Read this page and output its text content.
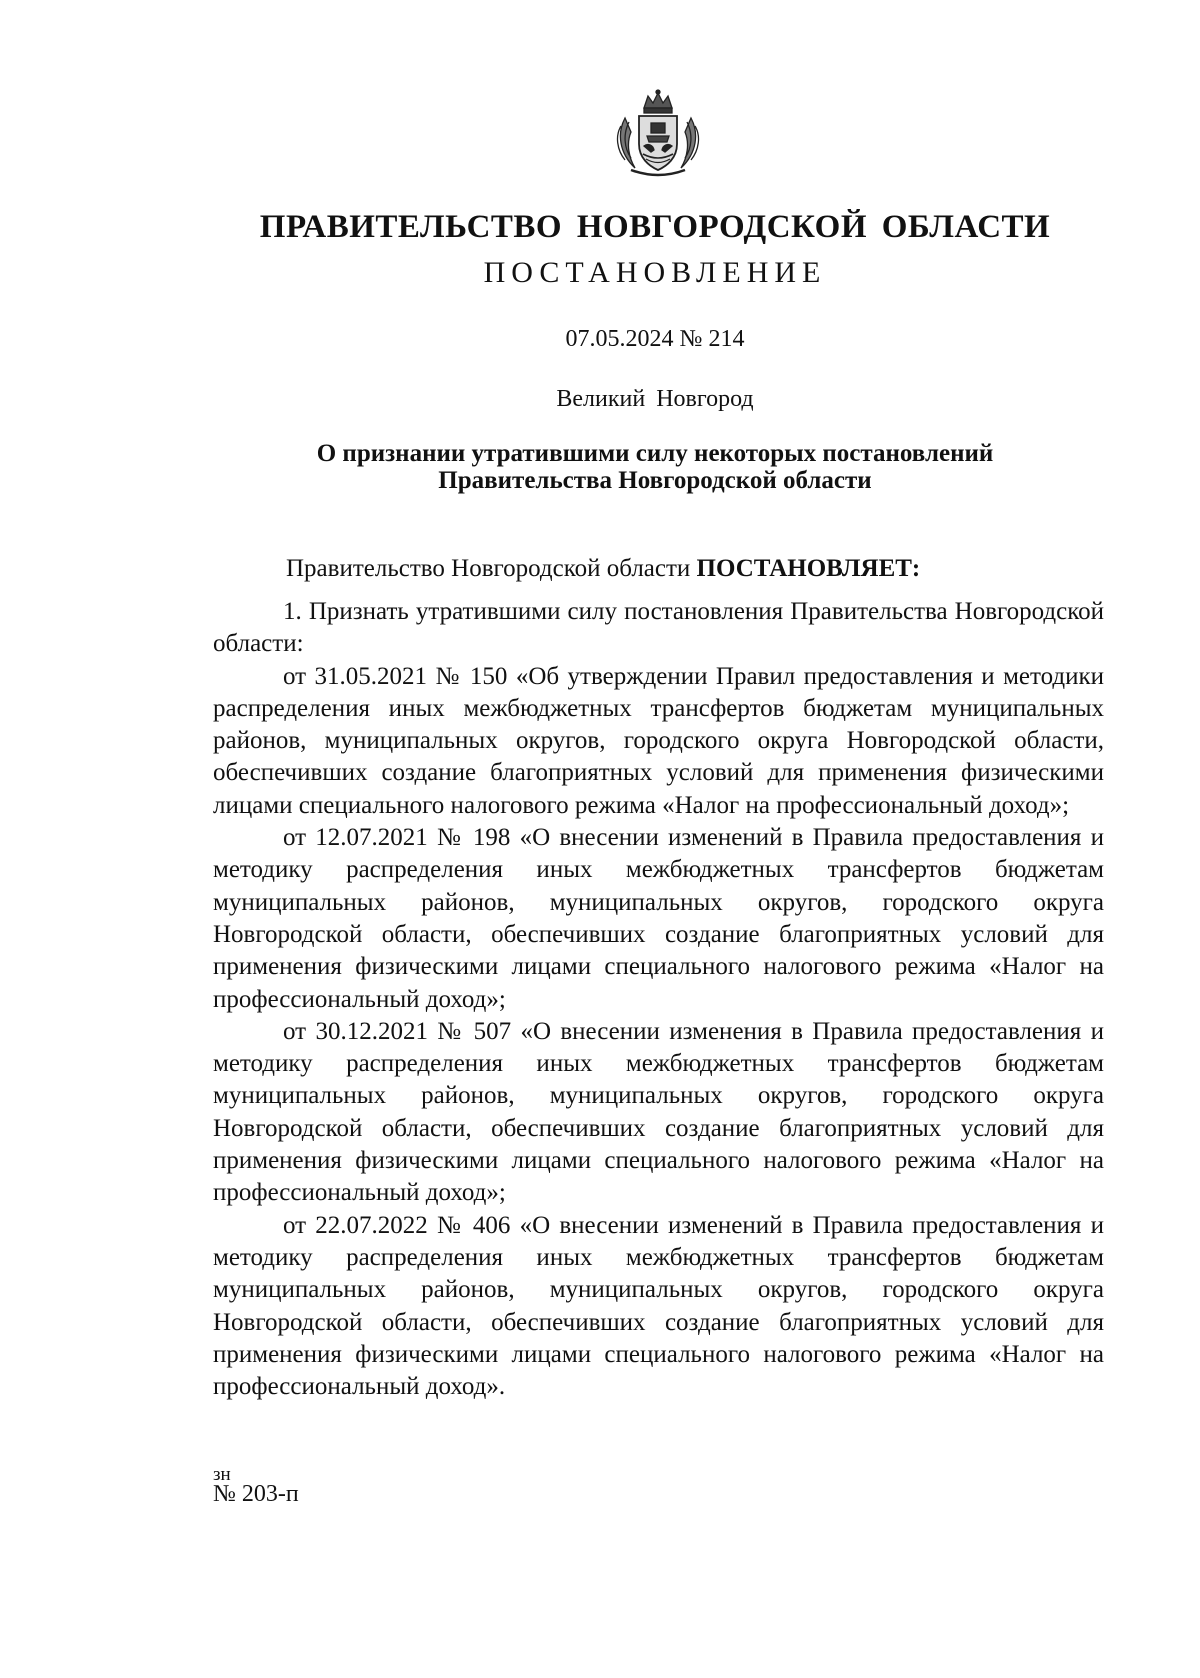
ПРАВИТЕЛЬСТВО НОВГОРОДСКОЙ ОБЛАСТИ
ПОСТАНОВЛЕНИЕ
07.05.2024 № 214
Великий Новгород
О признании утратившими силу некоторых постановлений
Правительства Новгородской области
Правительство Новгородской области ПОСТАНОВЛЯЕТ:

1. Признать утратившими силу постановления Правительства Новгородской области:

от 31.05.2021 № 150 «Об утверждении Правил предоставления и методики распределения иных межбюджетных трансфертов бюджетам муниципальных районов, муниципальных округов, городского округа Новгородской области, обеспечивших создание благоприятных условий для применения физическими лицами специального налогового режима «Налог на профессиональный доход»;

от 12.07.2021 № 198 «О внесении изменений в Правила предоставления и методику распределения иных межбюджетных трансфертов бюджетам муниципальных районов, муниципальных округов, городского округа Новгородской области, обеспечивших создание благоприятных условий для применения физическими лицами специального налогового режима «Налог на профессиональный доход»;

от 30.12.2021 № 507 «О внесении изменения в Правила предоставления и методику распределения иных межбюджетных трансфертов бюджетам муниципальных районов, муниципальных округов, городского округа Новгородской области, обеспечивших создание благоприятных условий для применения физическими лицами специального налогового режима «Налог на профессиональный доход»;

от 22.07.2022 № 406 «О внесении изменений в Правила предоставления и методику распределения иных межбюджетных трансфертов бюджетам муниципальных районов, муниципальных округов, городского округа Новгородской области, обеспечивших создание благоприятных условий для применения физическими лицами специального налогового режима «Налог на профессиональный доход».

зн
№ 203-п
